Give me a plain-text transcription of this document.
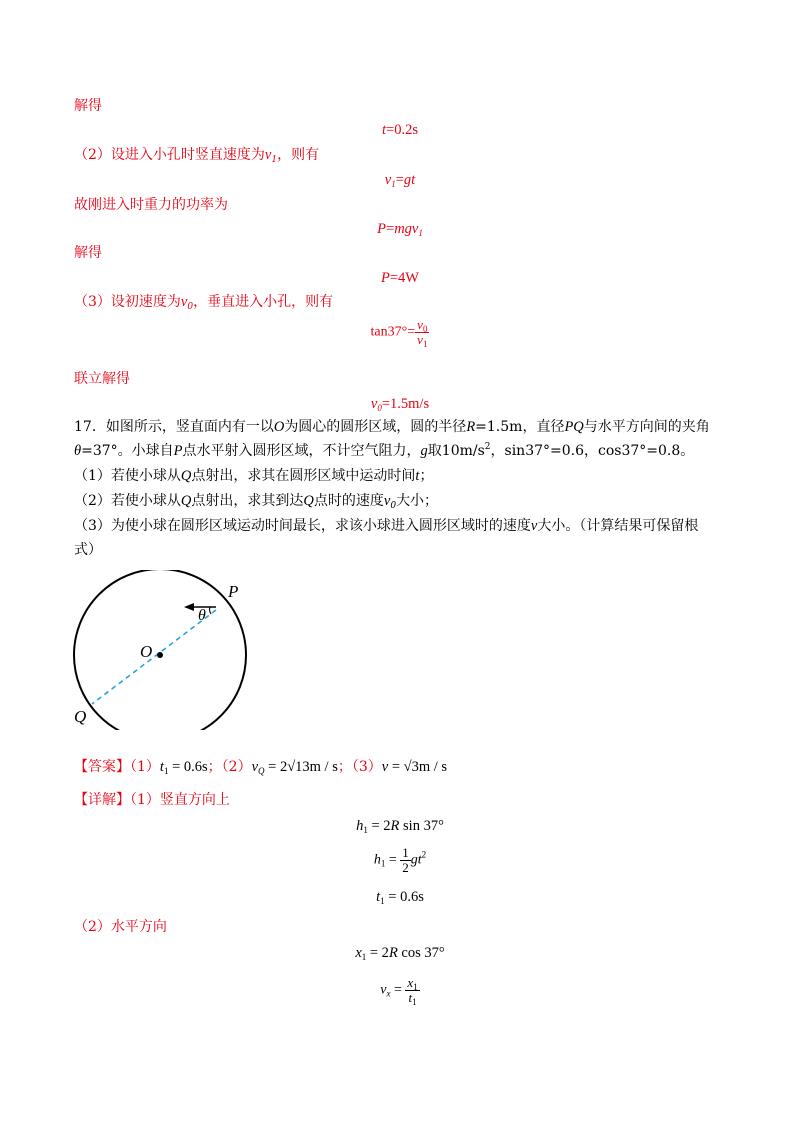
解得
t=0.2s
（2）设进入小孔时竖直速度为$v_1$，则有
$v_1=gt$
故刚进入时重力的功率为
P=mgv$_1$
解得
P=4W
（3）设初速度为$v_0$，垂直进入小孔，则有
$\tan 37^\circ= \frac{v_0}{v_1}$
联立解得
$v_0=1.5m/s$
17．如图所示，竖直面内有一以O为圆心的圆形区域，圆的半径R=1.5m，直径PQ与水平方向间的夹角
θ=37°。小球自P点水平射入圆形区域，不计空气阻力，g取$10m/s^2$，sin37°=0.6，cos37°=0.8。
（1）若使小球从Q点射出，求其在圆形区域中运动时间t；
（2）若使小球从Q点射出，求其到达Q点时的速度$v_0$大小；
（3）为使小球在圆形区域运动时间最长，求该小球进入圆形区域时的速度v大小。（计算结果可保留根
式）
θ
P
O
Q
【答案】$(1)t_1 = 0.6s$；$(2)v_Q = 2√13m / s$；（3）v = √3m / s
【详解】（1）竖直方向上
$h_1 = 2R$ sin 37°
$h_1 = \frac{1}{2} gt^2$
$t_1 = 0.6s$
（2）水平方向
$x_1 = 2R$ cos 37°
$v_x = \frac{x_1}{t_1}$
